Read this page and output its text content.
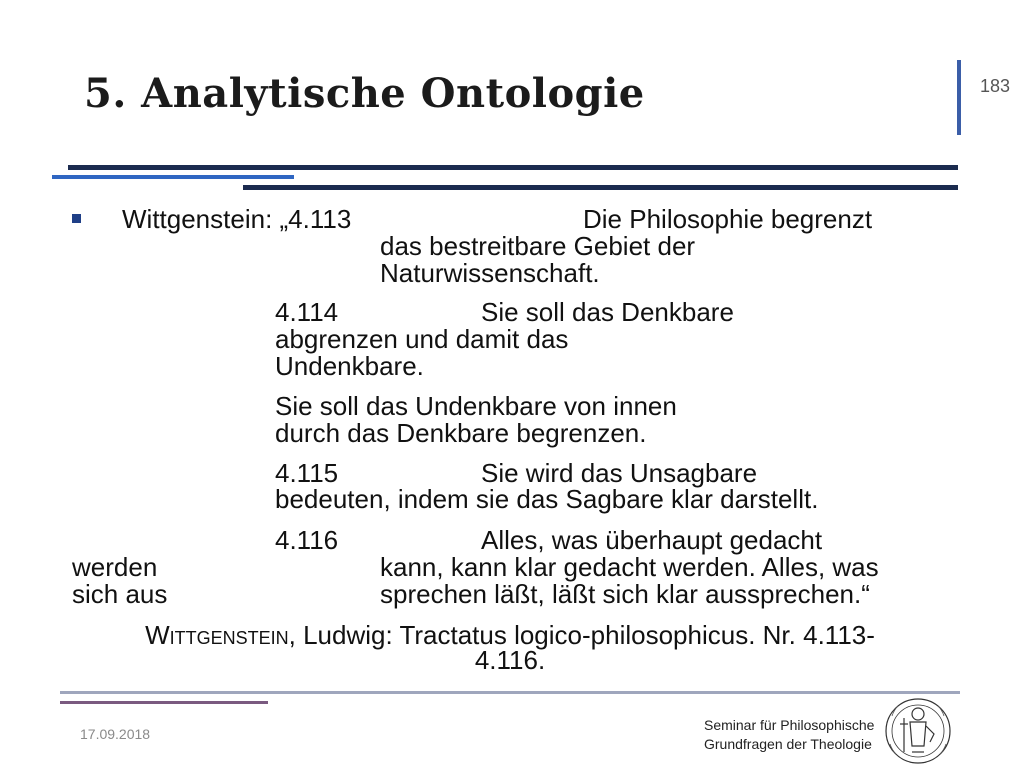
5. Analytische Ontologie	183
Wittgenstein: „4.113	Die Philosophie begrenzt
das bestreitbare Gebiet der
Naturwissenschaft.
4.114	Sie soll das Denkbare
abgrenzen und damit das
Undenkbare.
Sie soll das Undenkbare von innen
durch das Denkbare begrenzen.
4.115	Sie wird das Unsagbare
bedeuten, indem sie das Sagbare klar darstellt.
4.116	Alles, was überhaupt gedacht
werden	kann, kann klar gedacht werden. Alles, was
sich aus	sprechen läßt, läßt sich klar aussprechen.“
Wittgenstein, Ludwig: Tractatus logico-philosophicus. Nr. 4.113-
4.116.
17.09.2018
Seminar für Philosophische
Grundfragen der Theologie
